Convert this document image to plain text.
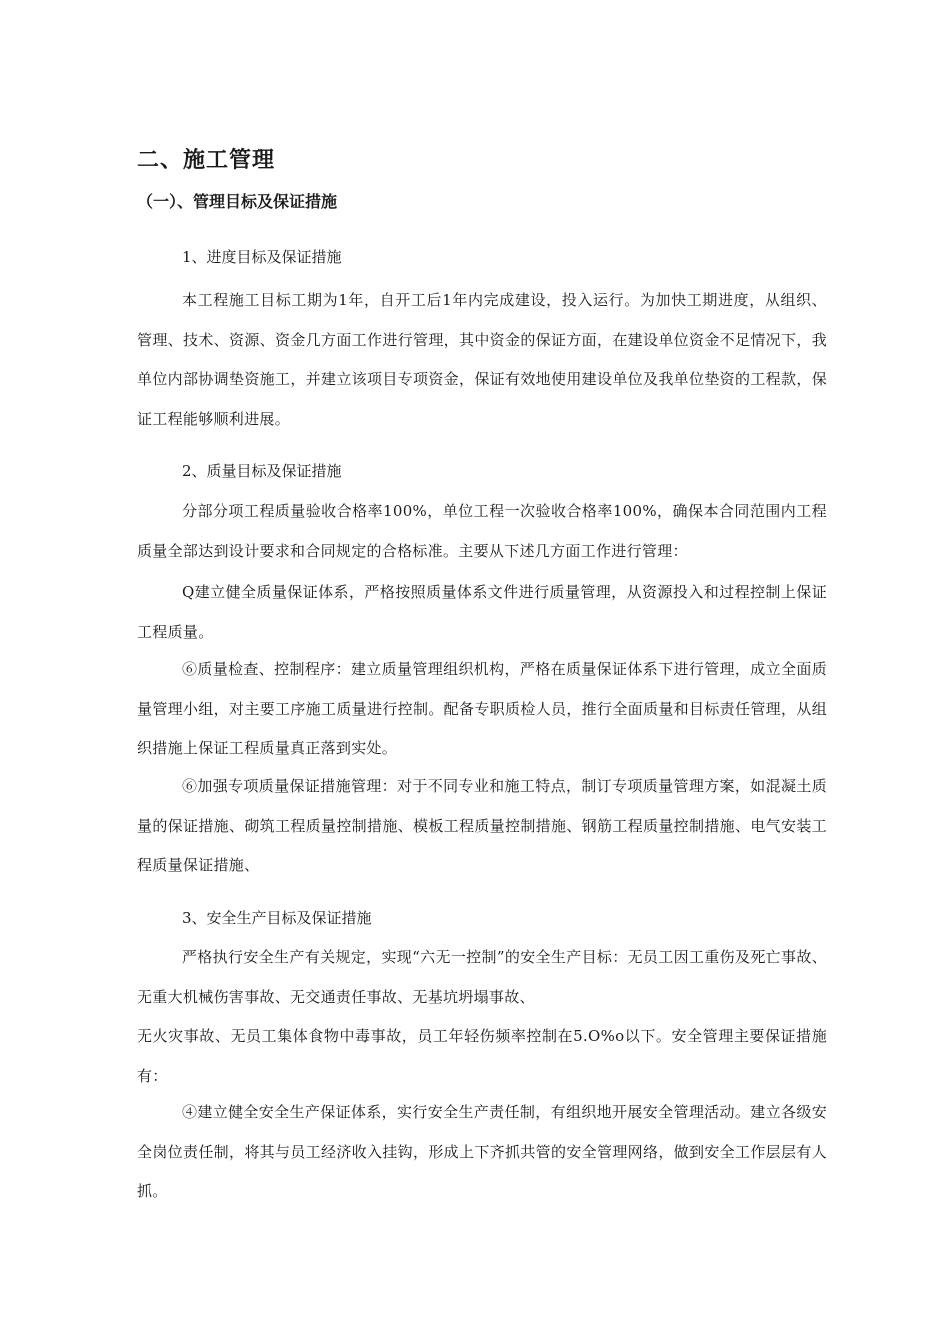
二、施工管理
（一）、管理目标及保证措施
1、进度目标及保证措施

本工程施工目标工期为1年，自开工后1年内完成建设，投入运行。为加快工期进度，从组织、管理、技术、资源、资金几方面工作进行管理，其中资金的保证方面，在建设单位资金不足情况下，我单位内部协调垫资施工，并建立该项目专项资金，保证有效地使用建设单位及我单位垫资的工程款，保证工程能够顺利进展。

2、质量目标及保证措施

分部分项工程质量验收合格率100%，单位工程一次验收合格率100%，确保本合同范围内工程质量全部达到设计要求和合同规定的合格标准。主要从下述几方面工作进行管理：

Q建立健全质量保证体系，严格按照质量体系文件进行质量管理，从资源投入和过程控制上保证工程质量。

⑥质量检查、控制程序：建立质量管理组织机构，严格在质量保证体系下进行管理，成立全面质量管理小组，对主要工序施工质量进行控制。配备专职质检人员，推行全面质量和目标责任管理，从组织措施上保证工程质量真正落到实处。

⑥加强专项质量保证措施管理：对于不同专业和施工特点，制订专项质量管理方案，如混凝土质量的保证措施、砌筑工程质量控制措施、模板工程质量控制措施、钢筋工程质量控制措施、电气安装工程质量保证措施、

3、安全生产目标及保证措施

严格执行安全生产有关规定，实现“六无一控制”的安全生产目标：无员工因工重伤及死亡事故、无重大机械伤害事故、无交通责任事故、无基坑坍塌事故、

无火灾事故、无员工集体食物中毒事故，员工年轻伤频率控制在5.O%o以下。安全管理主要保证措施有：

④建立健全安全生产保证体系，实行安全生产责任制，有组织地开展安全管理活动。建立各级安全岗位责任制，将其与员工经济收入挂钩，形成上下齐抓共管的安全管理网络，做到安全工作层层有人抓。
